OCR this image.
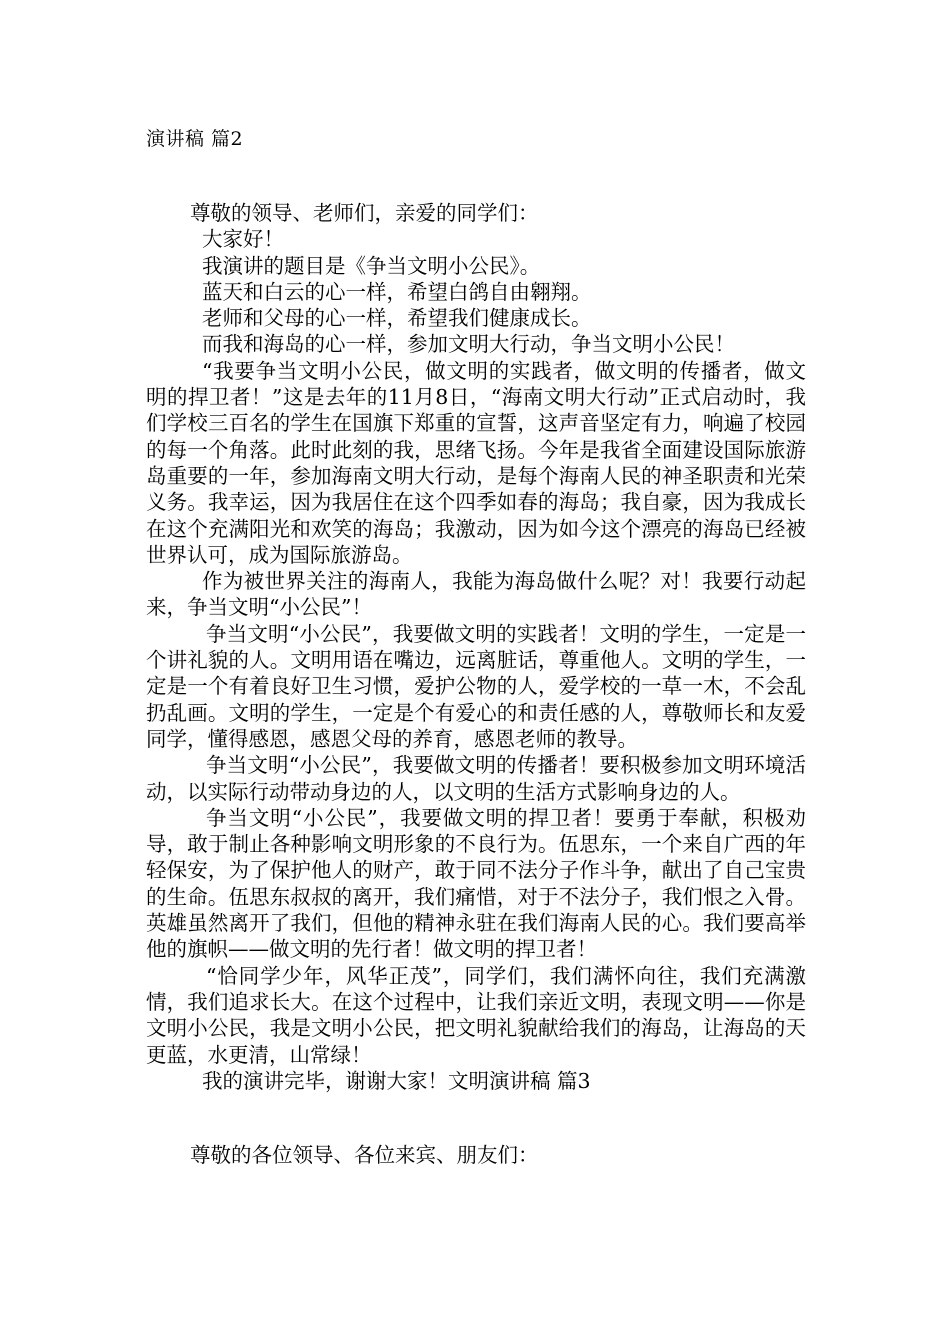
演讲稿 篇2

尊敬的领导、老师们，亲爱的同学们：

大家好！

我演讲的题目是《争当文明小公民》。

蓝天和白云的心一样，希望白鸽自由翱翔。

老师和父母的心一样，希望我们健康成长。

而我和海岛的心一样，参加文明大行动，争当文明小公民！

“我要争当文明小公民，做文明的实践者，做文明的传播者，做文明的捍卫者！”这是去年的11月8日，“海南文明大行动”正式启动时，我们学校三百名的学生在国旗下郑重的宣誓，这声音坚定有力，响遍了校园的每一个角落。此时此刻的我，思绪飞扬。今年是我省全面建设国际旅游岛重要的一年，参加海南文明大行动，是每个海南人民的神圣职责和光荣义务。我幸运，因为我居住在这个四季如春的海岛；我自豪，因为我成长在这个充满阳光和欢笑的海岛；我激动，因为如今这个漂亮的海岛已经被世界认可，成为国际旅游岛。

作为被世界关注的海南人，我能为海岛做什么呢？对！我要行动起来，争当文明“小公民”！

争当文明“小公民”，我要做文明的实践者！文明的学生，一定是一个讲礼貌的人。文明用语在嘴边，远离脏话，尊重他人。文明的学生，一定是一个有着良好卫生习惯，爱护公物的人，爱学校的一草一木，不会乱扔乱画。文明的学生，一定是个有爱心的和责任感的人，尊敬师长和友爱同学，懂得感恩，感恩父母的养育，感恩老师的教导。

争当文明“小公民”，我要做文明的传播者！要积极参加文明环境活动，以实际行动带动身边的人，以文明的生活方式影响身边的人。

争当文明“小公民”，我要做文明的捍卫者！要勇于奉献，积极劝导，敢于制止各种影响文明形象的不良行为。伍思东，一个来自广西的年轻保安，为了保护他人的财产，敢于同不法分子作斗争，献出了自己宝贵的生命。伍思东叔叔的离开，我们痛惜，对于不法分子，我们恨之入骨。英雄虽然离开了我们，但他的精神永驻在我们海南人民的心。我们要高举他的旗帜——做文明的先行者！做文明的捍卫者！

“恰同学少年，风华正茂”，同学们，我们满怀向往，我们充满激情，我们追求长大。在这个过程中，让我们亲近文明，表现文明——你是文明小公民，我是文明小公民，把文明礼貌献给我们的海岛，让海岛的天更蓝，水更清，山常绿！

我的演讲完毕，谢谢大家！文明演讲稿 篇3

尊敬的各位领导、各位来宾、朋友们：
